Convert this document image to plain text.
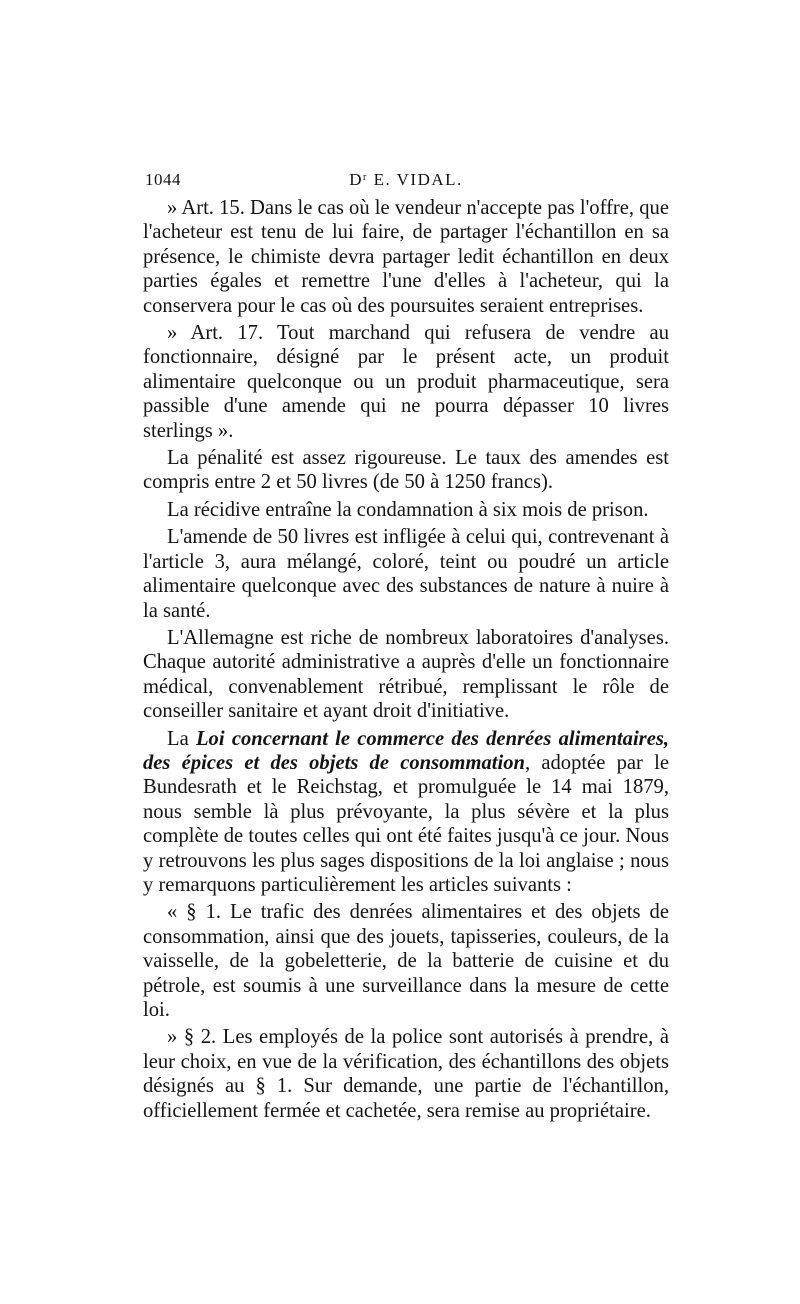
1044	$D^r$ E. VIDAL.

» Art. 15. Dans le cas où le vendeur n'accepte pas l'offre, que l'acheteur est tenu de lui faire, de partager l'échantillon en sa présence, le chimiste devra partager ledit échantillon en deux parties égales et remettre l'une d'elles à l'acheteur, qui la conservera pour le cas où des poursuites seraient entreprises.

» Art. 17. Tout marchand qui refusera de vendre au fonctionnaire, désigné par le présent acte, un produit alimentaire quelconque ou un produit pharmaceutique, sera passible d'une amende qui ne pourra dépasser 10 livres sterlings ».

La pénalité est assez rigoureuse. Le taux des amendes est compris entre 2 et 50 livres (de 50 à 1250 francs).

La récidive entraîne la condamnation à six mois de prison.

L'amende de 50 livres est infligée à celui qui, contrevenant à l'article 3, aura mélangé, coloré, teint ou poudré un article alimentaire quelconque avec des substances de nature à nuire à la santé.

L'Allemagne est riche de nombreux laboratoires d'analyses. Chaque autorité administrative a auprès d'elle un fonctionnaire médical, convenablement rétribué, remplissant le rôle de conseiller sanitaire et ayant droit d'initiative.

La Loi concernant le commerce des denrées alimentaires, des épices et des objets de consommation, adoptée par le Bundesrath et le Reichstag, et promulguée le 14 mai 1879, nous semble là plus prévoyante, la plus sévère et la plus complète de toutes celles qui ont été faites jusqu'à ce jour. Nous y retrouvons les plus sages dispositions de la loi anglaise ; nous y remarquons particulièrement les articles suivants :

« § 1. Le trafic des denrées alimentaires et des objets de consommation, ainsi que des jouets, tapisseries, couleurs, de la vaisselle, de la gobeletterie, de la batterie de cuisine et du pétrole, est soumis à une surveillance dans la mesure de cette loi.

» § 2. Les employés de la police sont autorisés à prendre, à leur choix, en vue de la vérification, des échantillons des objets désignés au § 1. Sur demande, une partie de l'échantillon, officiellement fermée et cachetée, sera remise au propriétaire.
